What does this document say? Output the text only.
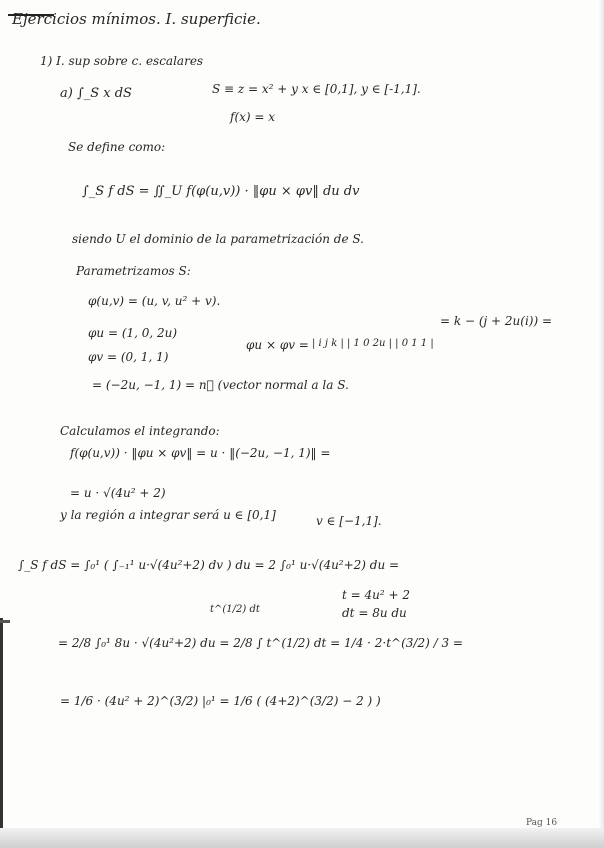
Ejercicios mínimos. I. superficie.
1) I. sup sobre c. escalares
a) ∫_S x dS	S ≡ z = x² + y x ∈ [0,1], y ∈ [-1,1].
f(x) = x
Se define como:
∫_S f dS = ∬_U f(φ(u,v)) · ‖φu × φv‖ du dv
siendo U el dominio de la parametrización de S.
Parametrizamos S:
φ(u,v) = (u, v, u² + v).
φu = (1, 0, 2u)
φv = (0, 1, 1)
φu × φv = | i j k | | 1 0 2u | | 0 1 1 |
= k − (j + 2u(i)) =
= (−2u, −1, 1) = n⃗ (vector normal a la S.
Calculamos el integrando:
f(φ(u,v)) · ‖φu × φv‖ = u · ‖(−2u, −1, 1)‖ =
= u · √(4u² + 2)
y la región a integrar será u ∈ [0,1]	v ∈ [−1,1].
∫_S f dS = ∫₀¹ ( ∫₋₁¹ u·√(4u²+2) dv ) du = 2 ∫₀¹ u·√(4u²+2) du =
t = 4u² + 2
dt = 8u du
t^(1/2) dt
= 2/8 ∫₀¹ 8u · √(4u²+2) du = 2/8 ∫ t^(1/2) dt = 1/4 · 2·t^(3/2) / 3 =
= 1/6 · (4u² + 2)^(3/2) |₀¹ = 1/6 ( (4+2)^(3/2) − 2 ) )
Pag 16
